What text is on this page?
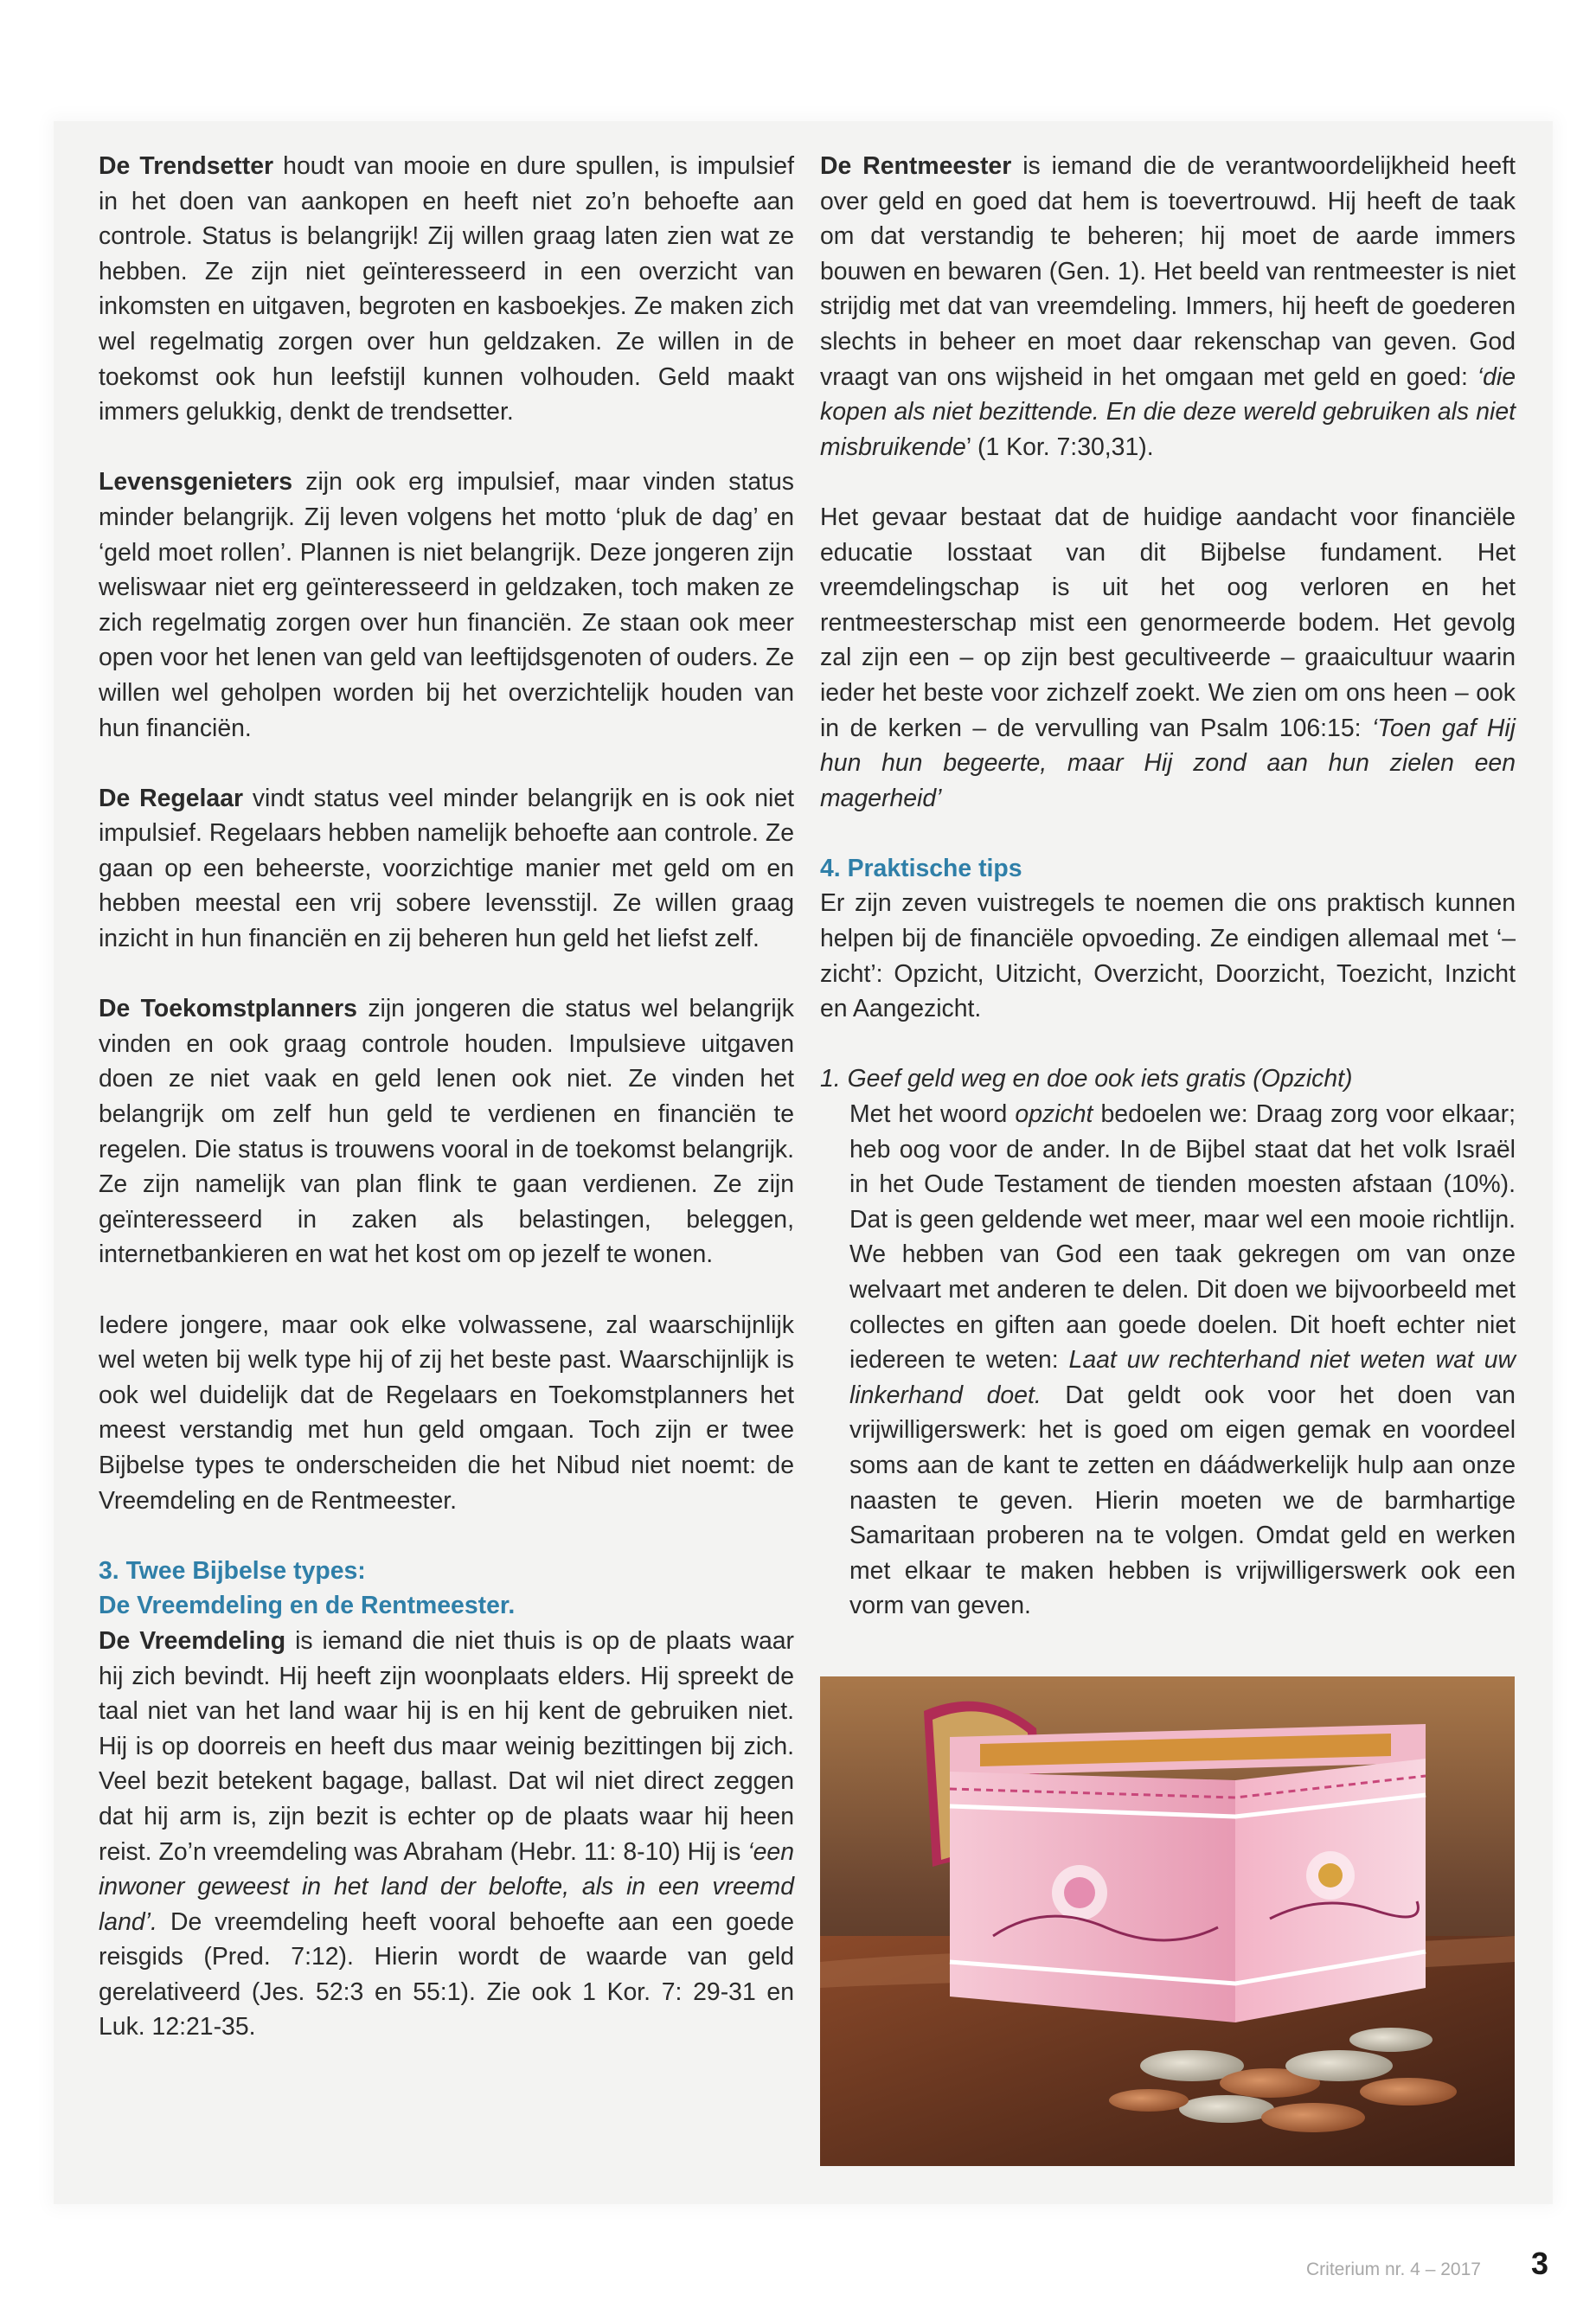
De Trendsetter houdt van mooie en dure spullen, is impulsief in het doen van aankopen en heeft niet zo’n behoefte aan controle. Status is belangrijk! Zij willen graag laten zien wat ze hebben. Ze zijn niet geïnteresseerd in een overzicht van inkomsten en uitgaven, begroten en kasboekjes. Ze maken zich wel regelmatig zorgen over hun geldzaken. Ze willen in de toekomst ook hun leefstijl kunnen volhouden. Geld maakt immers gelukkig, denkt de trendsetter.

Levensgenieters zijn ook erg impulsief, maar vinden status minder belangrijk. Zij leven volgens het motto ‘pluk de dag’ en ‘geld moet rollen’. Plannen is niet belangrijk. Deze jongeren zijn weliswaar niet erg geïnteresseerd in geldzaken, toch maken ze zich regelmatig zorgen over hun financiën. Ze staan ook meer open voor het lenen van geld van leeftijdsgenoten of ouders. Ze willen wel geholpen worden bij het overzichtelijk houden van hun financiën.

De Regelaar vindt status veel minder belangrijk en is ook niet impulsief. Regelaars hebben namelijk behoefte aan controle. Ze gaan op een beheerste, voorzichtige manier met geld om en hebben meestal een vrij sobere levensstijl. Ze willen graag inzicht in hun financiën en zij beheren hun geld het liefst zelf.

De Toekomstplanners zijn jongeren die status wel belangrijk vinden en ook graag controle houden. Impulsieve uitgaven doen ze niet vaak en geld lenen ook niet. Ze vinden het belangrijk om zelf hun geld te verdienen en financiën te regelen. Die status is trouwens vooral in de toekomst belangrijk. Ze zijn namelijk van plan flink te gaan verdienen. Ze zijn geïnteresseerd in zaken als belastingen, beleggen, internetbankieren en wat het kost om op jezelf te wonen.

Iedere jongere, maar ook elke volwassene, zal waarschijnlijk wel weten bij welk type hij of zij het beste past. Waarschijnlijk is ook wel duidelijk dat de Regelaars en Toekomstplanners het meest verstandig met hun geld omgaan. Toch zijn er twee Bijbelse types te onderscheiden die het Nibud niet noemt: de Vreemdeling en de Rentmeester.

3. Twee Bijbelse types:
De Vreemdeling en de Rentmeester.

De Vreemdeling is iemand die niet thuis is op de plaats waar hij zich bevindt. Hij heeft zijn woonplaats elders. Hij spreekt de taal niet van het land waar hij is en hij kent de gebruiken niet. Hij is op doorreis en heeft dus maar weinig bezittingen bij zich. Veel bezit betekent bagage, ballast. Dat wil niet direct zeggen dat hij arm is, zijn bezit is echter op de plaats waar hij heen reist. Zo’n vreemdeling was Abraham (Hebr. 11: 8-10) Hij is ‘een inwoner geweest in het land der belofte, als in een vreemd land’. De vreemdeling heeft vooral behoefte aan een goede reisgids (Pred. 7:12). Hierin wordt de waarde van geld gerelativeerd (Jes. 52:3 en 55:1). Zie ook 1 Kor. 7: 29-31 en Luk. 12:21-35.

De Rentmeester is iemand die de verantwoordelijkheid heeft over geld en goed dat hem is toevertrouwd. Hij heeft de taak om dat verstandig te beheren; hij moet de aarde immers bouwen en bewaren (Gen. 1). Het beeld van rentmeester is niet strijdig met dat van vreemdeling. Immers, hij heeft de goederen slechts in beheer en moet daar rekenschap van geven. God vraagt van ons wijsheid in het omgaan met geld en goed: ‘die kopen als niet bezittende. En die deze wereld gebruiken als niet misbruikende’ (1 Kor. 7:30,31).

Het gevaar bestaat dat de huidige aandacht voor financiële educatie losstaat van dit Bijbelse fundament. Het vreemdelingschap is uit het oog verloren en het rentmeesterschap mist een genormeerde bodem. Het gevolg zal zijn een – op zijn best gecultiveerde – graaicultuur waarin ieder het beste voor zichzelf zoekt. We zien om ons heen – ook in de kerken – de vervulling van Psalm 106:15: ‘Toen gaf Hij hun hun begeerte, maar Hij zond aan hun zielen een magerheid’

4. Praktische tips

Er zijn zeven vuistregels te noemen die ons praktisch kunnen helpen bij de financiële opvoeding. Ze eindigen allemaal met ‘–zicht’: Opzicht, Uitzicht, Overzicht, Doorzicht, Toezicht, Inzicht en Aangezicht.

1. Geef geld weg en doe ook iets gratis (Opzicht)
Met het woord opzicht bedoelen we: Draag zorg voor elkaar; heb oog voor de ander. In de Bijbel staat dat het volk Israël in het Oude Testament de tienden moesten afstaan (10%). Dat is geen geldende wet meer, maar wel een mooie richtlijn. We hebben van God een taak gekregen om van onze welvaart met anderen te delen. Dit doen we bijvoorbeeld met collectes en giften aan goede doelen. Dit hoeft echter niet iedereen te weten: Laat uw rechterhand niet weten wat uw linkerhand doet. Dat geldt ook voor het doen van vrijwilligerswerk: het is goed om eigen gemak en voordeel soms aan de kant te zetten en dáádwerkelijk hulp aan onze naasten te geven. Hierin moeten we de barmhartige Samaritaan proberen na te volgen. Omdat geld en werken met elkaar te maken hebben is vrijwilligerswerk ook een vorm van geven.

Criterium nr. 4 – 2017 3
